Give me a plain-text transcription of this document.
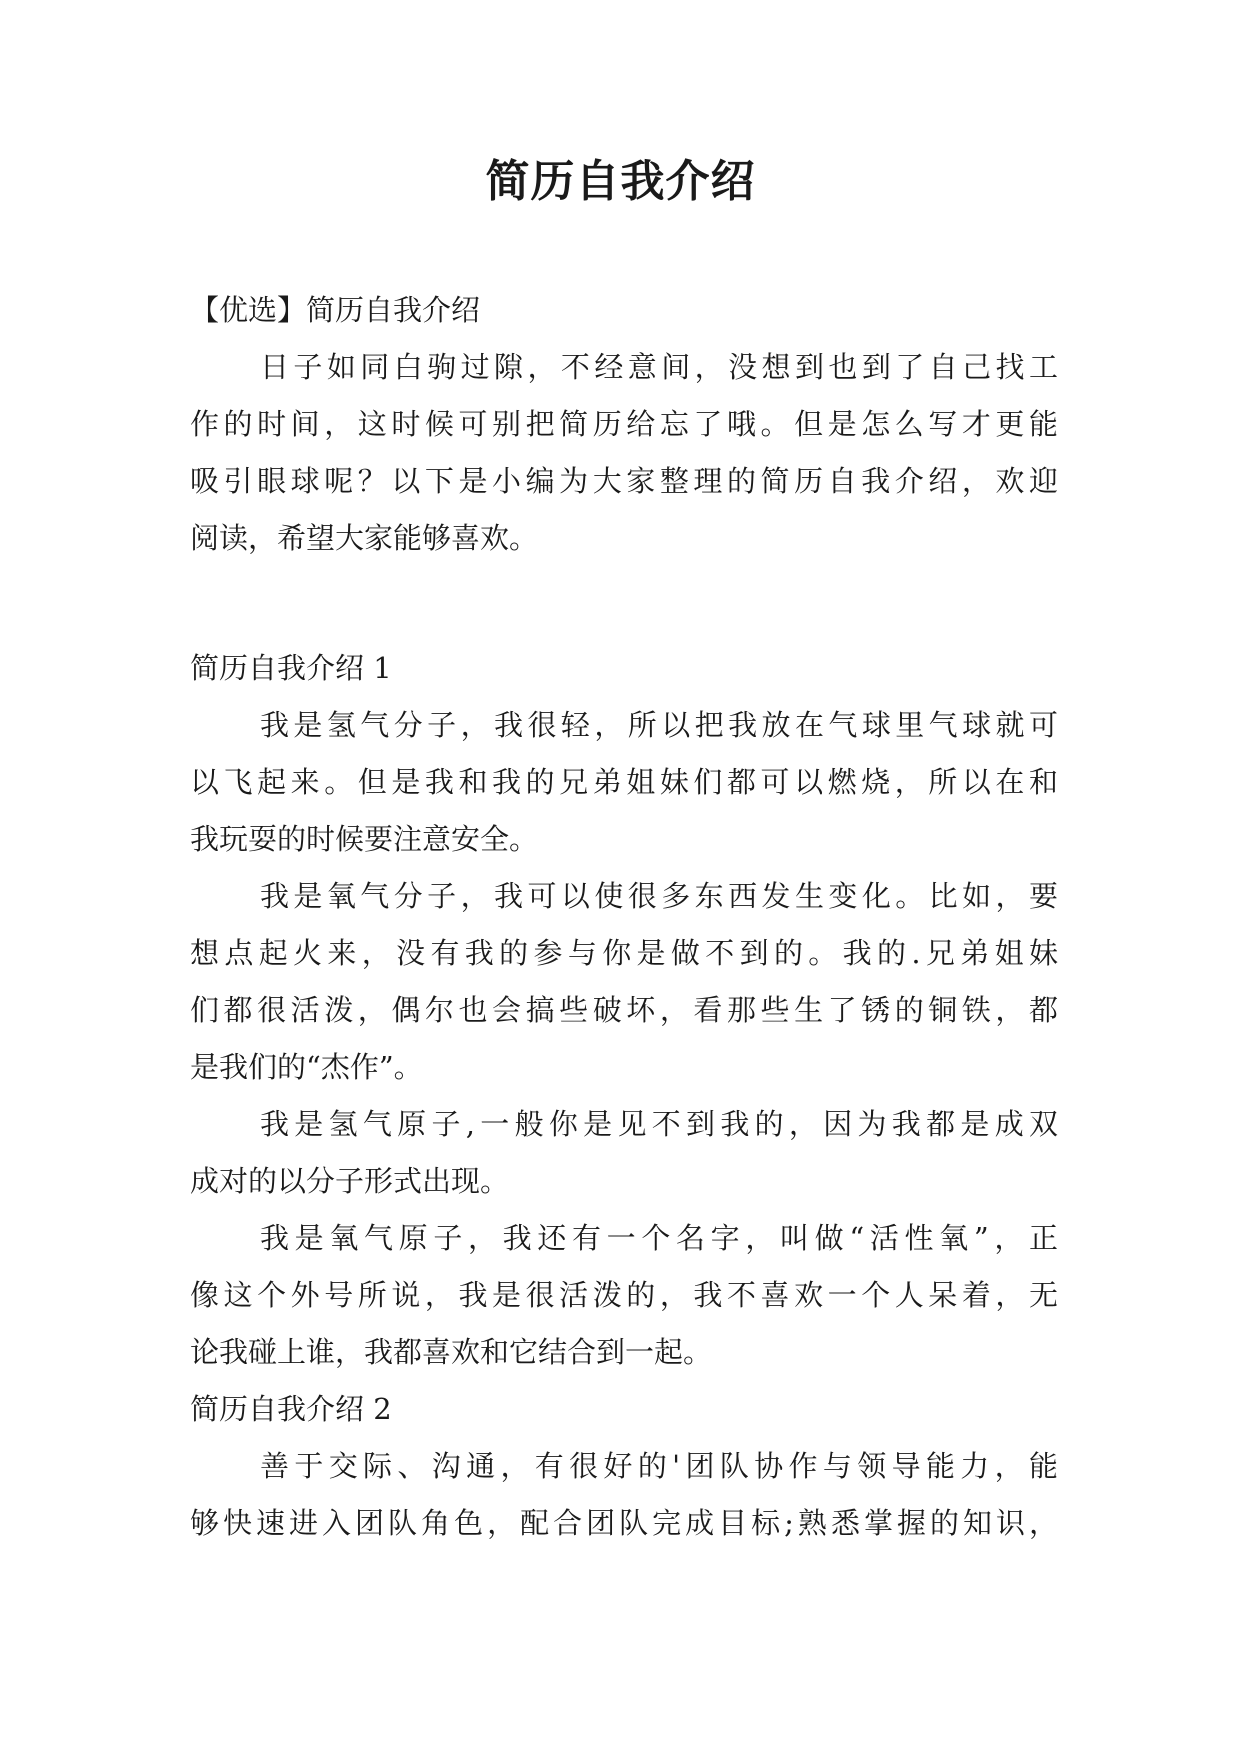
简历自我介绍
【优选】简历自我介绍
日子如同白驹过隙，不经意间，没想到也到了自己找工
作的时间，这时候可别把简历给忘了哦。但是怎么写才更能
吸引眼球呢？以下是小编为大家整理的简历自我介绍，欢迎
阅读，希望大家能够喜欢。
简历自我介绍 1
我是氢气分子，我很轻，所以把我放在气球里气球就可
以飞起来。但是我和我的兄弟姐妹们都可以燃烧，所以在和
我玩耍的时候要注意安全。
我是氧气分子，我可以使很多东西发生变化。比如，要
想点起火来，没有我的参与你是做不到的。我的.兄弟姐妹
们都很活泼，偶尔也会搞些破坏，看那些生了锈的铜铁，都
是我们的“杰作”。
我是氢气原子,一般你是见不到我的，因为我都是成双
成对的以分子形式出现。
我是氧气原子，我还有一个名字，叫做“活性氧”，正
像这个外号所说，我是很活泼的，我不喜欢一个人呆着，无
论我碰上谁，我都喜欢和它结合到一起。
简历自我介绍 2
善于交际、沟通，有很好的'团队协作与领导能力，能
够快速进入团队角色，配合团队完成目标;熟悉掌握的知识，
